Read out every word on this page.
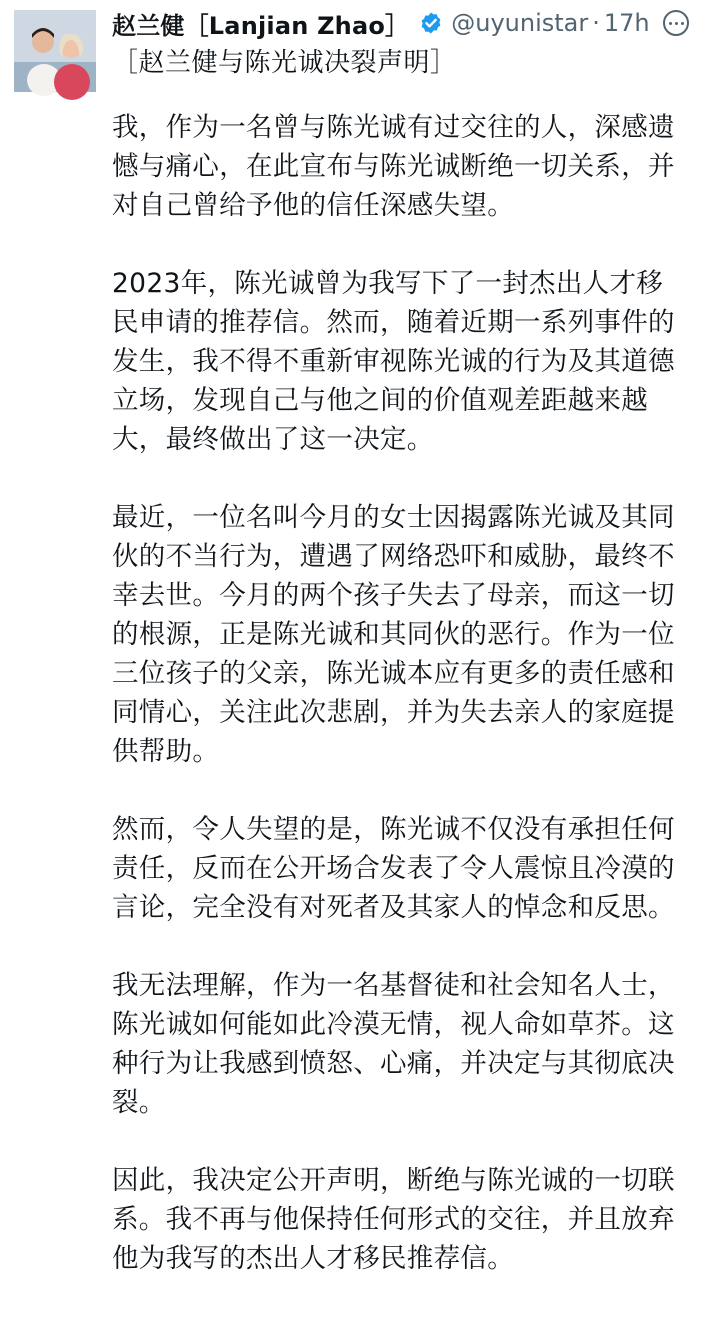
赵兰健［Lanjian Zhao］ @uyunistar · 17h
［赵兰健与陈光诚决裂声明］

我，作为一名曾与陈光诚有过交往的人，深感遗憾与痛心，在此宣布与陈光诚断绝一切关系，并对自己曾给予他的信任深感失望。

2023年，陈光诚曾为我写下了一封杰出人才移民申请的推荐信。然而，随着近期一系列事件的发生，我不得不重新审视陈光诚的行为及其道德立场，发现自己与他之间的价值观差距越来越大，最终做出了这一决定。

最近，一位名叫今月的女士因揭露陈光诚及其同伙的不当行为，遭遇了网络恐吓和威胁，最终不幸去世。今月的两个孩子失去了母亲，而这一切的根源，正是陈光诚和其同伙的恶行。作为一位三位孩子的父亲，陈光诚本应有更多的责任感和同情心，关注此次悲剧，并为失去亲人的家庭提供帮助。

然而，令人失望的是，陈光诚不仅没有承担任何责任，反而在公开场合发表了令人震惊且冷漠的言论，完全没有对死者及其家人的悼念和反思。

我无法理解，作为一名基督徒和社会知名人士，陈光诚如何能如此冷漠无情，视人命如草芥。这种行为让我感到愤怒、心痛，并决定与其彻底决裂。

因此，我决定公开声明，断绝与陈光诚的一切联系。我不再与他保持任何形式的交往，并且放弃他为我写的杰出人才移民推荐信。
